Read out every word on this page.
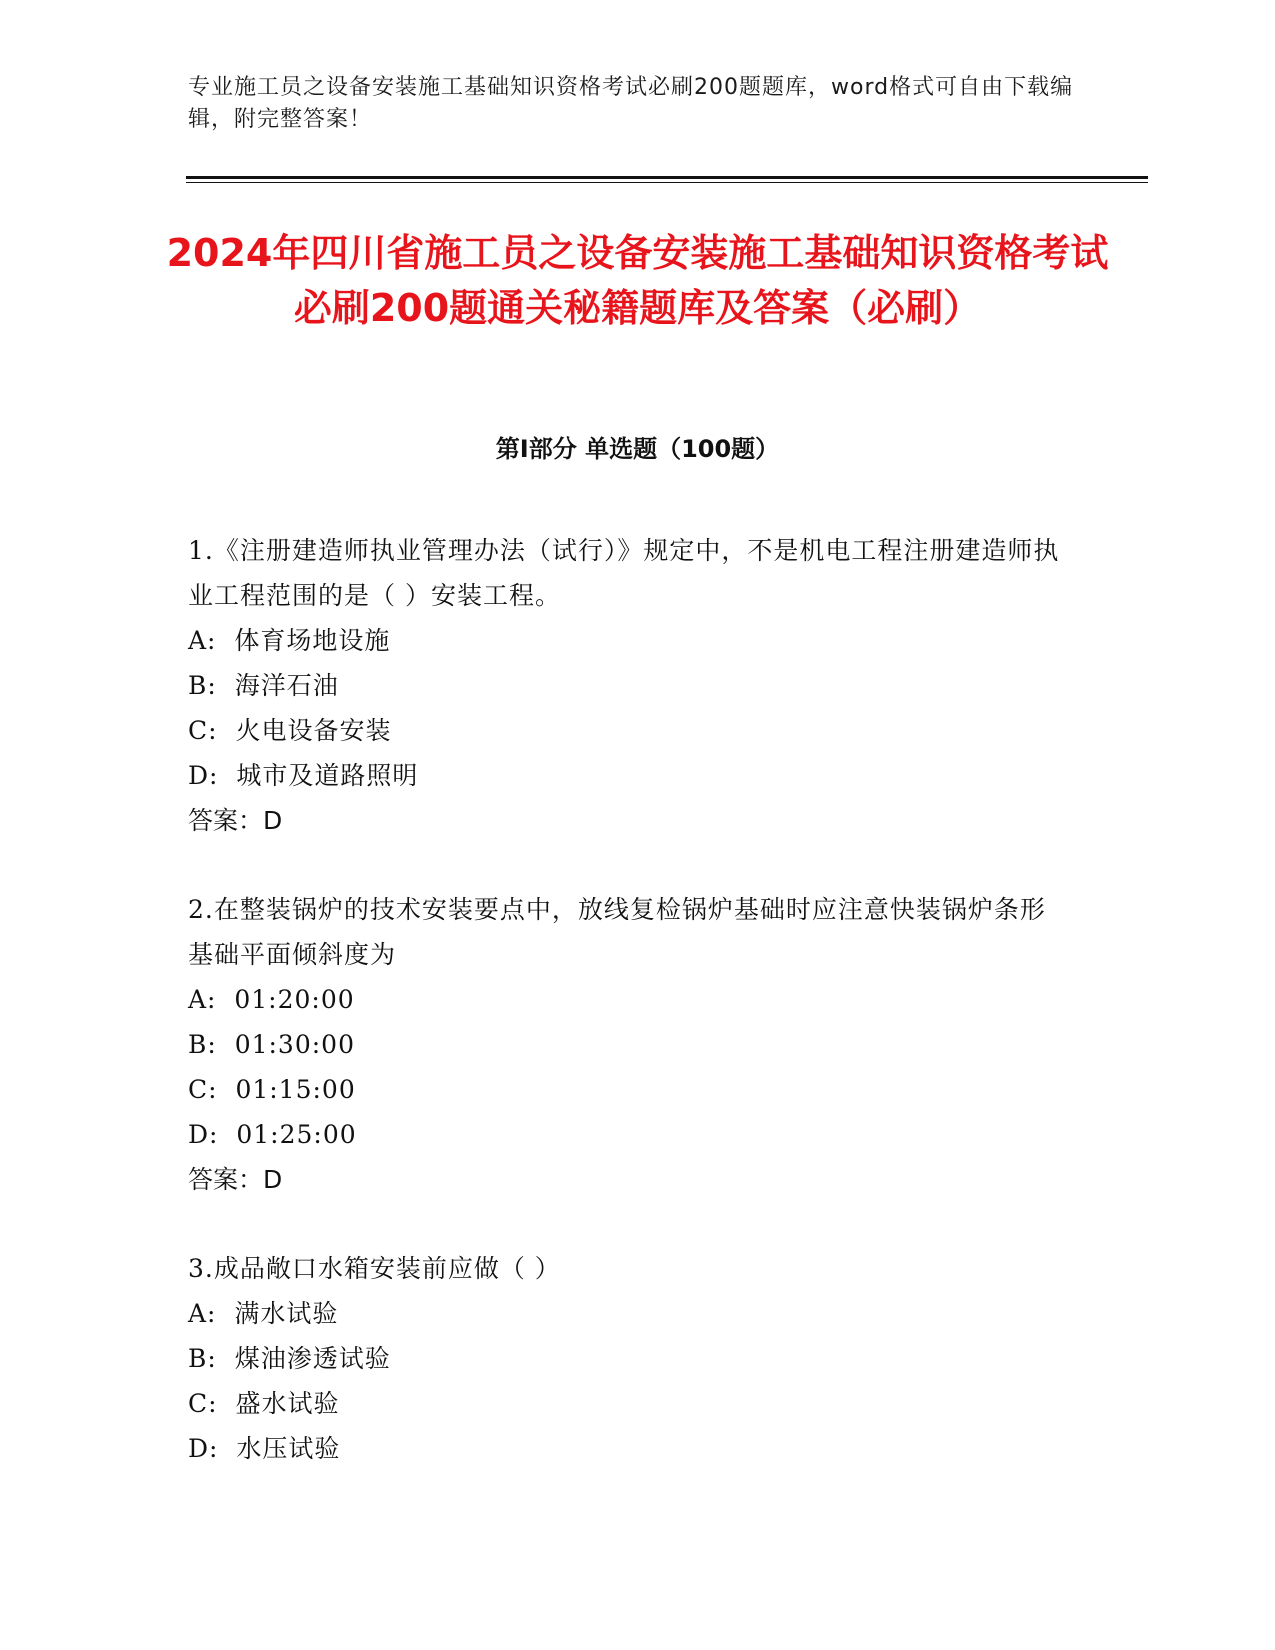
专业施工员之设备安装施工基础知识资格考试必刷200题题库，word格式可自由下载编辑，附完整答案！
2024年四川省施工员之设备安装施工基础知识资格考试必刷200题通关秘籍题库及答案（必刷）
第Ⅰ部分 单选题（100题）

1.《注册建造师执业管理办法（试行）》规定中，不是机电工程注册建造师执业工程范围的是（ ）安装工程。

A:  体育场地设施

B:  海洋石油

C:  火电设备安装

D:  城市及道路照明

答案：D

2.在整装锅炉的技术安装要点中，放线复检锅炉基础时应注意快装锅炉条形基础平面倾斜度为

A:  01:20:00

B:  01:30:00

C:  01:15:00

D:  01:25:00

答案：D

3.成品敞口水箱安装前应做（ ）

A:  满水试验

B:  煤油渗透试验

C:  盛水试验

D:  水压试验
